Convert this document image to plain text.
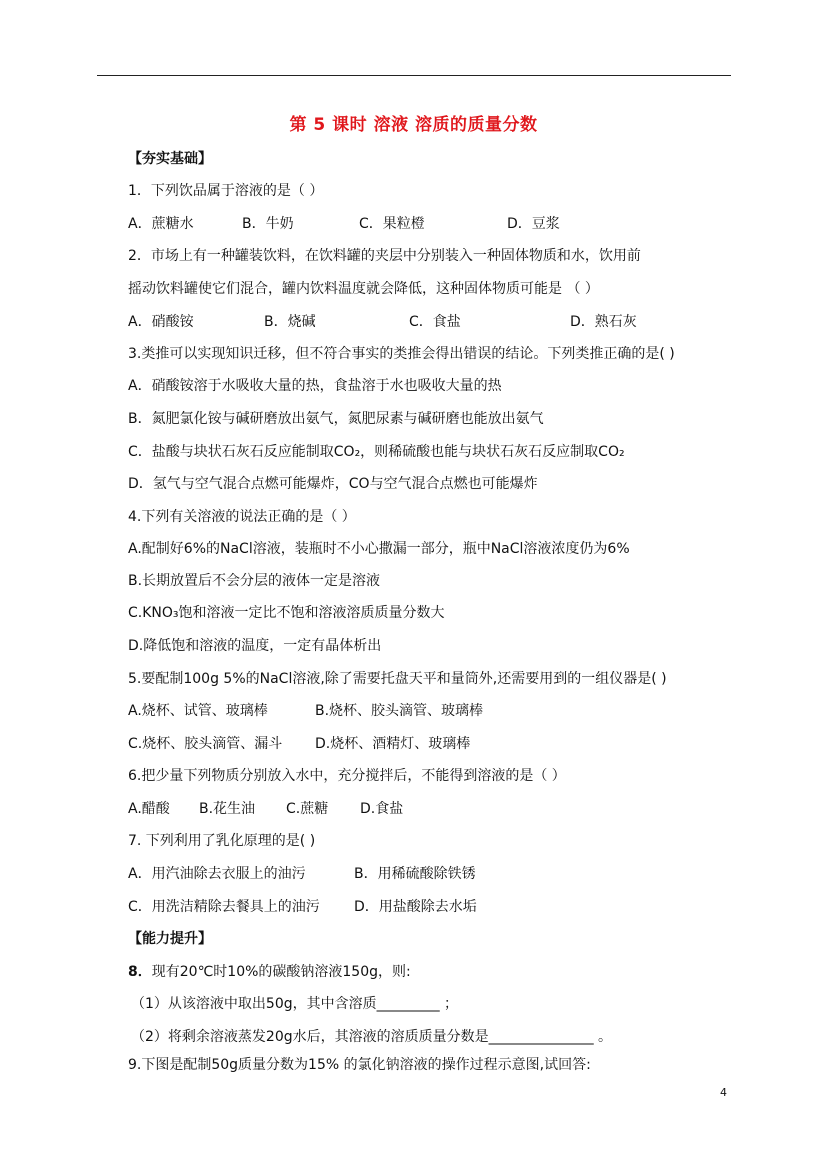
第 5 课时 溶液 溶质的质量分数
【夯实基础】
1．下列饮品属于溶液的是（ ）
A．蔗糖水	B．牛奶	C．果粒橙	D．豆浆
2．市场上有一种罐装饮料，在饮料罐的夹层中分别装入一种固体物质和水，饮用前
摇动饮料罐使它们混合，罐内饮料温度就会降低，这种固体物质可能是 （ ）
A．硝酸铵	B．烧碱	C．食盐	D．熟石灰
3.类推可以实现知识迁移，但不符合事实的类推会得出错误的结论。下列类推正确的是( )
A．硝酸铵溶于水吸收大量的热，食盐溶于水也吸收大量的热
B．氮肥氯化铵与碱研磨放出氨气，氮肥尿素与碱研磨也能放出氨气
C．盐酸与块状石灰石反应能制取CO₂，则稀硫酸也能与块状石灰石反应制取CO₂
D．氢气与空气混合点燃可能爆炸，CO与空气混合点燃也可能爆炸
4.下列有关溶液的说法正确的是（ ）
A.配制好6%的NaCl溶液，装瓶时不小心撒漏一部分，瓶中NaCl溶液浓度仍为6%
B.长期放置后不会分层的液体一定是溶液
C.KNO₃饱和溶液一定比不饱和溶液溶质质量分数大
D.降低饱和溶液的温度，一定有晶体析出
5.要配制100g 5%的NaCl溶液,除了需要托盘天平和量筒外,还需要用到的一组仪器是( )
A.烧杯、试管、玻璃棒	B.烧杯、胶头滴管、玻璃棒
C.烧杯、胶头滴管、漏斗 D.烧杯、酒精灯、玻璃棒
6.把少量下列物质分别放入水中，充分搅拌后，不能得到溶液的是（ ）
A.醋酸 B.花生油 C.蔗糖 D.食盐
7. 下列利用了乳化原理的是( )
A．用汽油除去衣服上的油污	B．用稀硫酸除铁锈
C．用洗洁精除去餐具上的油污 D．用盐酸除去水垢
【能力提升】
8．现有20℃时10%的碳酸钠溶液150g，则:
（1）从该溶液中取出50g，其中含溶质_________ ；
（2）将剩余溶液蒸发20g水后，其溶液的溶质质量分数是_______________ 。
9.下图是配制50g质量分数为15% 的氯化钠溶液的操作过程示意图,试回答:
4
